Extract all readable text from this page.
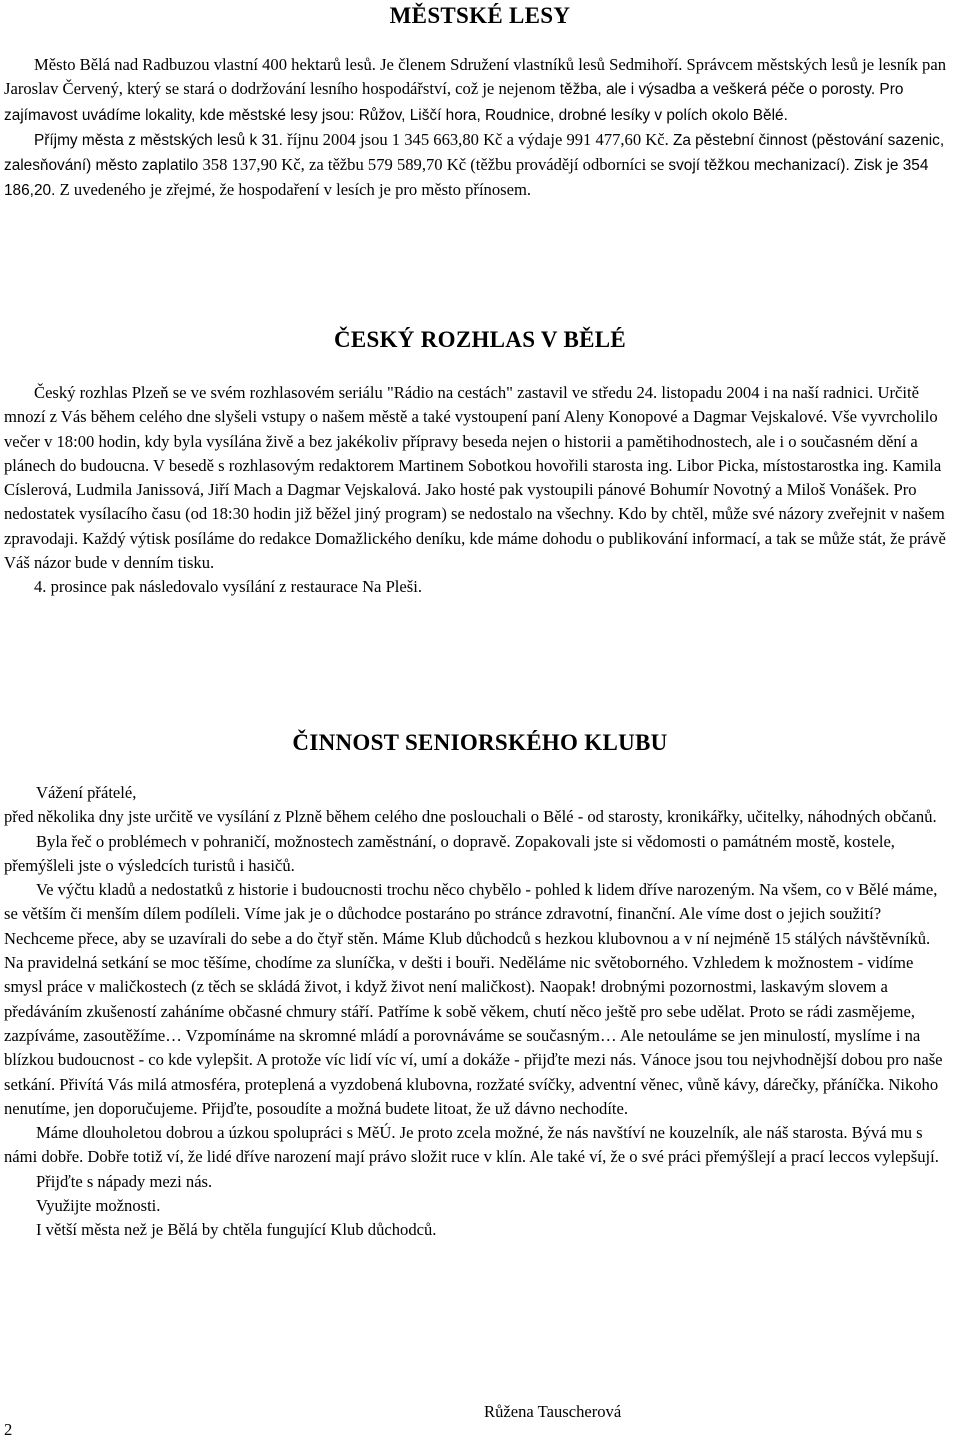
MĚSTSKÉ LESY

Město Bělá nad Radbuzou vlastní 400 hektarů lesů. Je členem Sdružení vlastníků lesů Sedmihoří. Správcem městských lesů je lesník pan Jaroslav Červený, který se stará o dodržování lesního hospodářství, což je nejenom těžba, ale i výsadba a veškerá péče o porosty. Pro zajímavost uvádíme lokality, kde městské lesy jsou: Růžov, Liščí hora, Roudnice, drobné lesíky v polích okolo Bělé.

Příjmy města z městských lesů k 31. říjnu 2004 jsou 1 345 663,80 Kč a výdaje 991 477,60 Kč. Za pěstební činnost (pěstování sazenic, zalesňování) město zaplatilo 358 137,90 Kč, za těžbu 579 589,70 Kč (těžbu provádějí odborníci se svojí těžkou mechanizací). Zisk je 354 186,20. Z uvedeného je zřejmé, že hospodaření v lesích je pro město přínosem.

ČESKÝ ROZHLAS V BĚLÉ

Český rozhlas Plzeň se ve svém rozhlasovém seriálu "Rádio na cestách" zastavil ve středu 24. listopadu 2004 i na naší radnici. Určitě mnozí z Vás během celého dne slyšeli vstupy o našem městě a také vystoupení paní Aleny Konopové a Dagmar Vejskalové. Vše vyvrcholilo večer v 18:00 hodin, kdy byla vysílána živě a bez jakékoliv přípravy beseda nejen o historii a pamětihodnostech, ale i o současném dění a plánech do budoucna. V besedě s rozhlasovým redaktorem Martinem Sobotkou hovořili starosta ing. Libor Picka, místostarostka ing. Kamila Císlerová, Ludmila Janissová, Jiří Mach a Dagmar Vejskalová. Jako hosté pak vystoupili pánové Bohumír Novotný a Miloš Vonášek. Pro nedostatek vysílacího času (od 18:30 hodin již běžel jiný program) se nedostalo na všechny. Kdo by chtěl, může své názory zveřejnit v našem zpravodaji. Každý výtisk posíláme do redakce Domažlického deníku, kde máme dohodu o publikování informací, a tak se může stát, že právě Váš názor bude v denním tisku.

4. prosince pak následovalo vysílání z restaurace Na Pleši.

ČINNOST SENIORSKÉHO KLUBU

Vážení přátelé,

před několika dny jste určitě ve vysílání z Plzně během celého dne poslouchali o Bělé - od starosty, kronikářky, učitelky, náhodných občanů.

Byla řeč o problémech v pohraničí, možnostech zaměstnání, o dopravě. Zopakovali jste si vědomosti o památném mostě, kostele, přemýšleli jste o výsledcích turistů i hasičů.

Ve výčtu kladů a nedostatků z historie i budoucnosti trochu něco chybělo - pohled k lidem dříve narozeným. Na všem, co v Bělé máme, se větším či menším dílem podíleli. Víme jak je o důchodce postaráno po stránce zdravotní, finanční. Ale víme dost o jejich soužití? Nechceme přece, aby se uzavírali do sebe a do čtyř stěn. Máme Klub důchodců s hezkou klubovnou a v ní nejméně 15 stálých návštěvníků. Na pravidelná setkání se moc těšíme, chodíme za sluníčka, v dešti i bouři. Neděláme nic světoborného. Vzhledem k možnostem - vidíme smysl práce v maličkostech (z těch se skládá život, i když život není maličkost). Naopak! drobnými pozornostmi, laskavým slovem a předáváním zkušeností zaháníme občasné chmury stáří. Patříme k sobě věkem, chutí něco ještě pro sebe udělat. Proto se rádi zasmějeme, zazpíváme, zasoutěžíme… Vzpomínáme na skromné mládí a porovnáváme se současným… Ale netouláme se jen minulostí, myslíme i na blízkou budoucnost - co kde vylepšit. A protože víc lidí víc ví, umí a dokáže - přijďte mezi nás. Vánoce jsou tou nejvhodnější dobou pro naše setkání. Přivítá Vás milá atmosféra, proteplená a vyzdobená klubovna, rozžaté svíčky, adventní věnec, vůně kávy, dárečky, přáníčka. Nikoho nenutíme, jen doporučujeme. Přijďte, posoudíte a možná budete litoat, že už dávno nechodíte.

Máme dlouholetou dobrou a úzkou spolupráci s MěÚ. Je proto zcela možné, že nás navštíví ne kouzelník, ale náš starosta. Bývá mu s námi dobře. Dobře totiž ví, že lidé dříve narození mají právo složit ruce v klín. Ale také ví, že o své práci přemýšlejí a prací leccos vylepšují.

Přijďte s nápady mezi nás.

Využijte možnosti.

I větší města než je Bělá by chtěla fungující Klub důchodců.

Růžena Tauscherová
2
